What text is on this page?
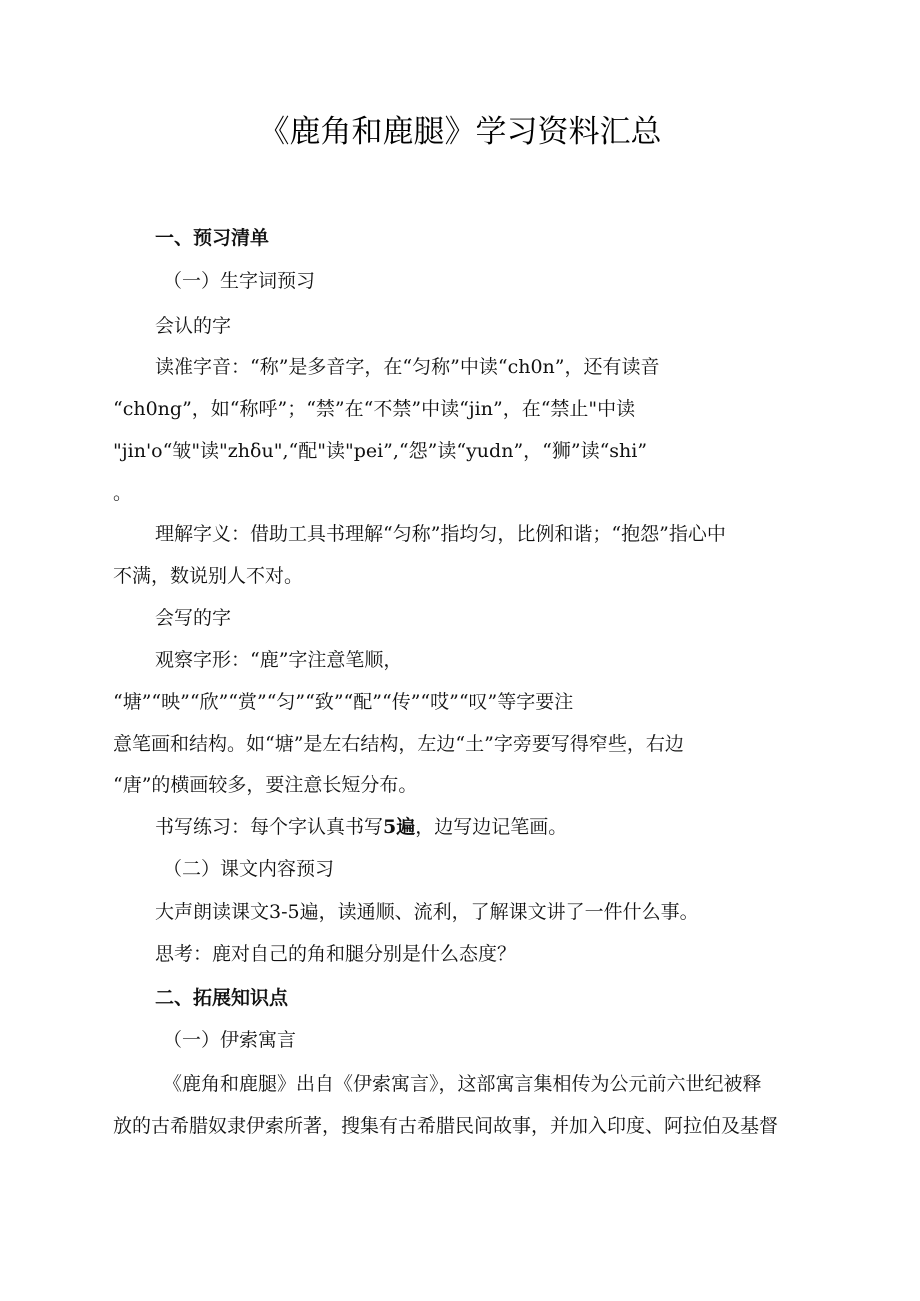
《鹿角和鹿腿》学习资料汇总
一、预习清单
（一）生字词预习
会认的字
读准字音：“称”是多音字，在“匀称”中读“ch0n”，还有读音
“ch0ng”，如“称呼”；“禁”在“不禁”中读“jin”，在“禁止"中读
"jin'o“皱"读"zhδu",“配"读"pei”,“怨”读“yudn”，“狮”读“shi”
。
理解字义：借助工具书理解“匀称”指均匀，比例和谐；“抱怨”指心中
不满，数说别人不对。
会写的字
观察字形：“鹿”字注意笔顺，
“塘”“映”“欣”“赏”“匀”“致”“配”“传”“哎”“叹”等字要注
意笔画和结构。如“塘”是左右结构，左边“土”字旁要写得窄些，右边
“唐”的横画较多，要注意长短分布。
书写练习：每个字认真书写5遍，边写边记笔画。
（二）课文内容预习
大声朗读课文3-5遍，读通顺、流利，了解课文讲了一件什么事。
思考：鹿对自己的角和腿分别是什么态度？
二、拓展知识点
（一）伊索寓言
《鹿角和鹿腿》出自《伊索寓言》，这部寓言集相传为公元前六世纪被释
放的古希腊奴隶伊索所著，搜集有古希腊民间故事，并加入印度、阿拉伯及基督
